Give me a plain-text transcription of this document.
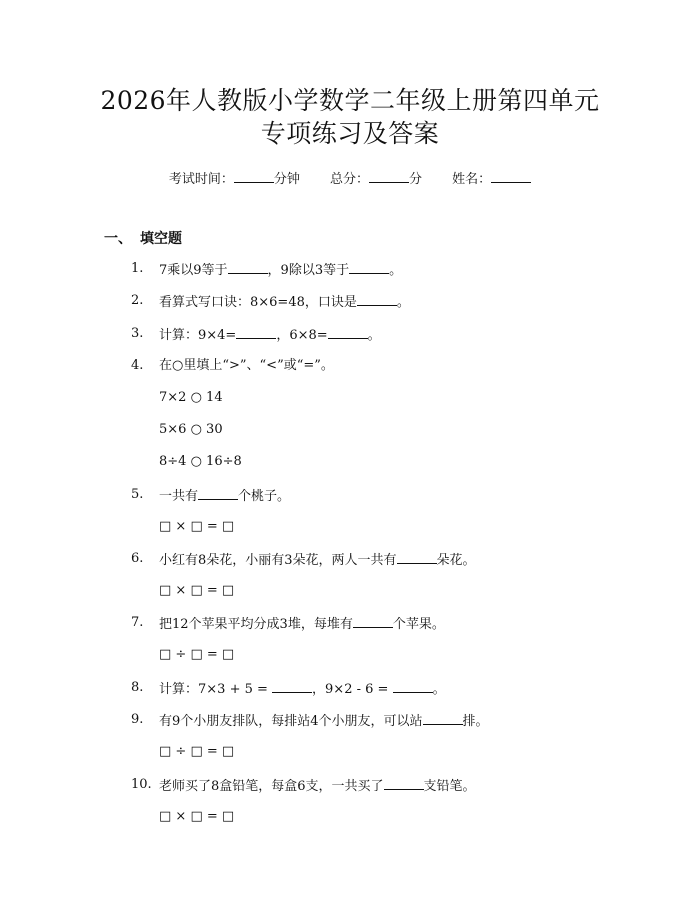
2026年人教版小学数学二年级上册第四单元
专项练习及答案
考试时间：	分钟 总分：	分 姓名：
一、 填空题
1. 7乘以9等于	，9除以3等于	。
2. 看算式写口诀：8×6=48，口诀是	。
3. 计算：9×4=	，6×8=	。
4. 在○里填上“>”、“<”或“=”。
7×2 ○ 14
5×6 ○ 30
8÷4 ○ 16÷8
5. 一共有	个桃子。
□ × □ = □
6. 小红有8朵花，小丽有3朵花，两人一共有	朵花。
□ × □ = □
7. 把12个苹果平均分成3堆，每堆有	个苹果。
□ ÷ □ = □
8. 计算：7×3 + 5 =	，9×2 - 6 =	。
9. 有9个小朋友排队，每排站4个小朋友，可以站	排。
□ ÷ □ = □
10. 老师买了8盒铅笔，每盒6支，一共买了	支铅笔。
□ × □ = □
